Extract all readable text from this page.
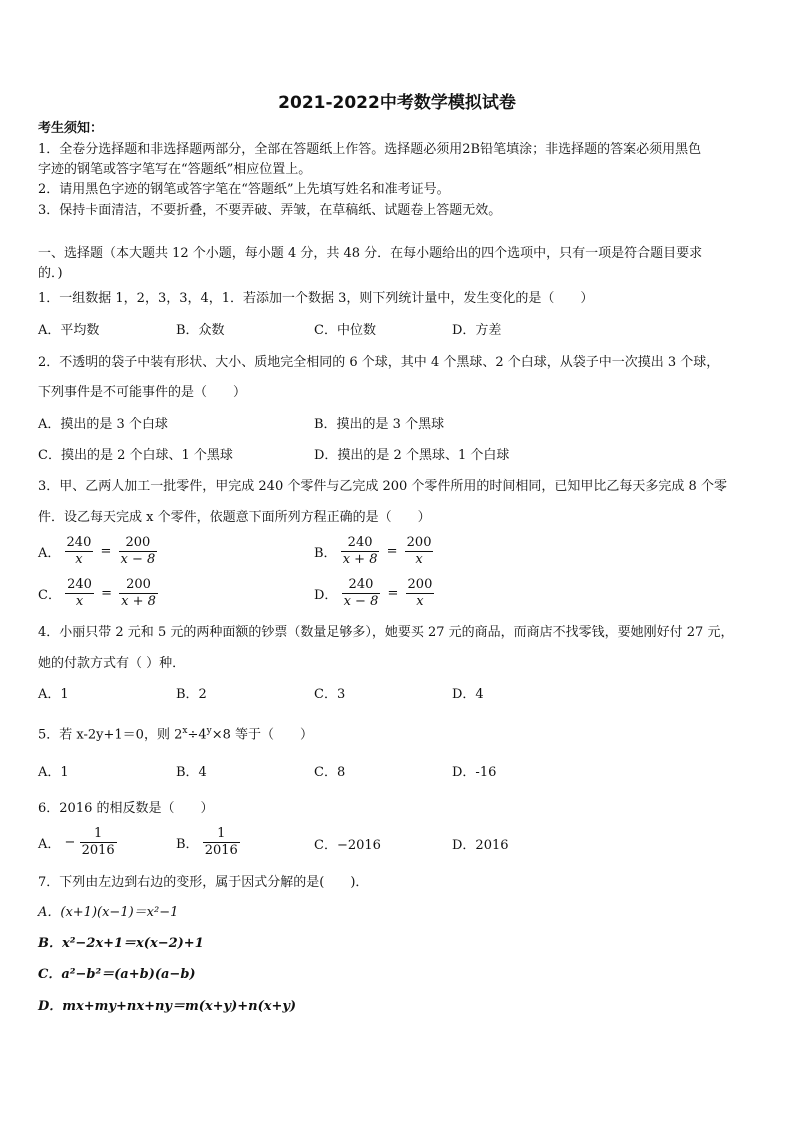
2021-2022中考数学模拟试卷
考生须知：
1．全卷分选择题和非选择题两部分，全部在答题纸上作答。选择题必须用2B铅笔填涂；非选择题的答案必须用黑色
字迹的钢笔或答字笔写在“答题纸”相应位置上。
2．请用黑色字迹的钢笔或答字笔在“答题纸”上先填写姓名和准考证号。
3．保持卡面清洁，不要折叠，不要弄破、弄皱，在草稿纸、试题卷上答题无效。
一、选择题（本大题共 12 个小题，每小题 4 分，共 48 分．在每小题给出的四个选项中，只有一项是符合题目要求
的．)
1．一组数据 1，2，3，3，4，1．若添加一个数据 3，则下列统计量中，发生变化的是（　　）
A．平均数	B．众数	C．中位数	D．方差
2．不透明的袋子中装有形状、大小、质地完全相同的 6 个球，其中 4 个黑球、2 个白球，从袋子中一次摸出 3 个球，
下列事件是不可能事件的是（　　）
A．摸出的是 3 个白球	B．摸出的是 3 个黑球
C．摸出的是 2 个白球、1 个黑球	D．摸出的是 2 个黑球、1 个白球
3．甲、乙两人加工一批零件，甲完成 240 个零件与乙完成 200 个零件所用的时间相同，已知甲比乙每天多完成 8 个零
件．设乙每天完成 x 个零件，依题意下面所列方程正确的是（　　）
A． $\frac{240}{x} = \frac{200}{x - 8}$	B． $\frac{240}{x + 8} = \frac{200}{x}$
C． $\frac{240}{x} = \frac{200}{x + 8}$	D． $\frac{240}{x - 8} = \frac{200}{x}$
4．小丽只带 2 元和 5 元的两种面额的钞票（数量足够多），她要买 27 元的商品，而商店不找零钱，要她刚好付 27 元，
她的付款方式有（ ）种．
A．1	B．2	C．3	D．4
5．若 x-2y+1＝0，则 $2^x\div 4^y\times 8$ 等于（　　）
A．1	B．4	C．8	D．-16
6．2016 的相反数是（　　）
A． − $\frac{1}{2016}$	B． $\frac{1}{2016}$	C．−2016	D．2016
7．下列由左边到右边的变形，属于因式分解的是(　　)．
A．(x+1)(x−1)＝x²−1
B．x²−2x+1＝x(x−2)+1
C．a²−b²＝(a+b)(a−b)
D．mx+my+nx+ny＝m(x+y)+n(x+y)
